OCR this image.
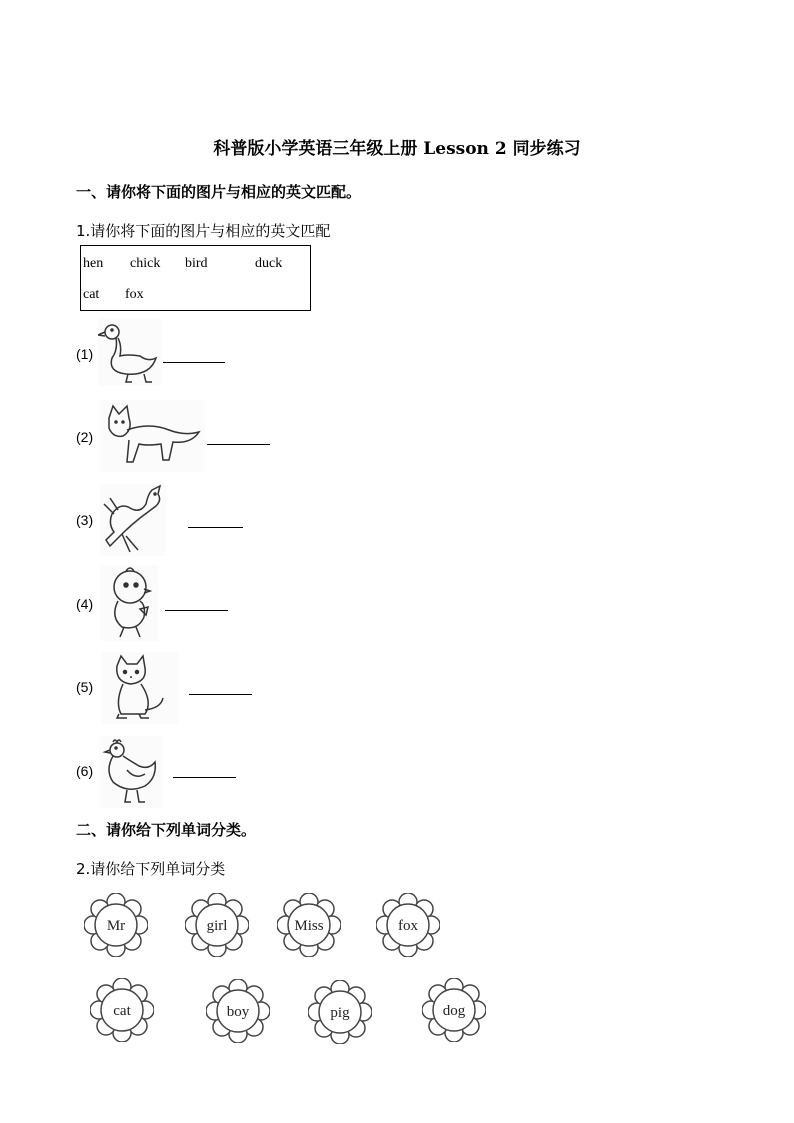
科普版小学英语三年级上册 Lesson 2 同步练习
一、请你将下面的图片与相应的英文匹配。
1.请你将下面的图片与相应的英文匹配
hen chick bird	duck
cat fox
(1)
(2)
(3)
(4)
(5)
(6)
二、请你给下列单词分类。
2.请你给下列单词分类
Mr	girl	Miss	fox
cat	boy	pig	dog
